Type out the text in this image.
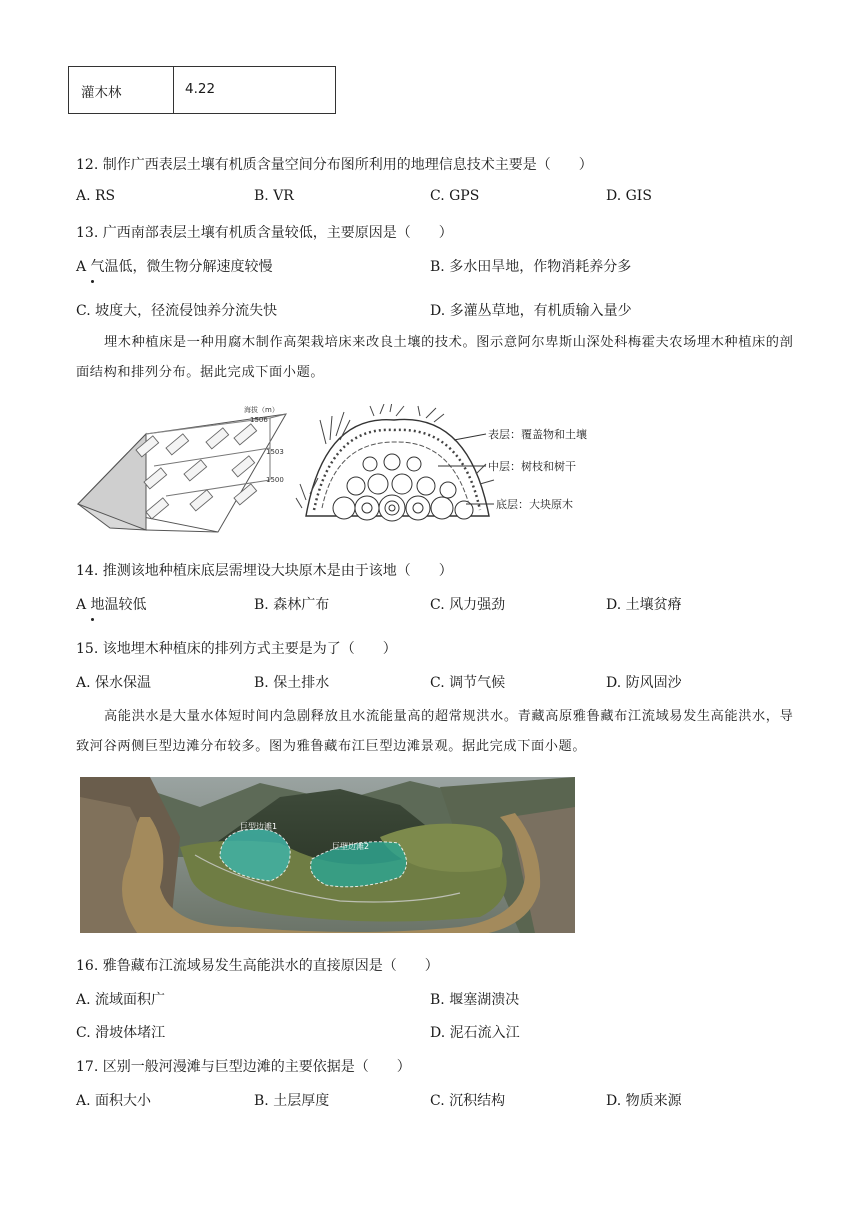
灌木林	4.22
12. 制作广西表层土壤有机质含量空间分布图所利用的地理信息技术主要是（　　）
A. RS	B. VR	C. GPS	D. GIS
13. 广西南部表层土壤有机质含量较低，主要原因是（　　）
A 气温低，微生物分解速度较慢	B. 多水田旱地，作物消耗养分多
C. 坡度大，径流侵蚀养分流失快	D. 多灌丛草地，有机质输入量少
埋木种植床是一种用腐木制作高架栽培床来改良土壤的技术。图示意阿尔卑斯山深处科梅霍夫农场埋木种植床的剖面结构和排列分布。据此完成下面小题。
海拔（m）
1506
1503
1500
表层：覆盖物和土壤
中层：树枝和树干
底层：大块原木
14. 推测该地种植床底层需埋设大块原木是由于该地（　　）
A 地温较低	B. 森林广布	C. 风力强劲	D. 土壤贫瘠
15. 该地埋木种植床的排列方式主要是为了（　　）
A. 保水保温	B. 保土排水	C. 调节气候	D. 防风固沙
高能洪水是大量水体短时间内急剧释放且水流能量高的超常规洪水。青藏高原雅鲁藏布江流域易发生高能洪水，导致河谷两侧巨型边滩分布较多。图为雅鲁藏布江巨型边滩景观。据此完成下面小题。
巨型边滩1
巨型边滩2
16. 雅鲁藏布江流域易发生高能洪水的直接原因是（　　）
A. 流域面积广	B. 堰塞湖溃决
C. 滑坡体堵江	D. 泥石流入江
17. 区别一般河漫滩与巨型边滩的主要依据是（　　）
A. 面积大小	B. 土层厚度	C. 沉积结构	D. 物质来源
